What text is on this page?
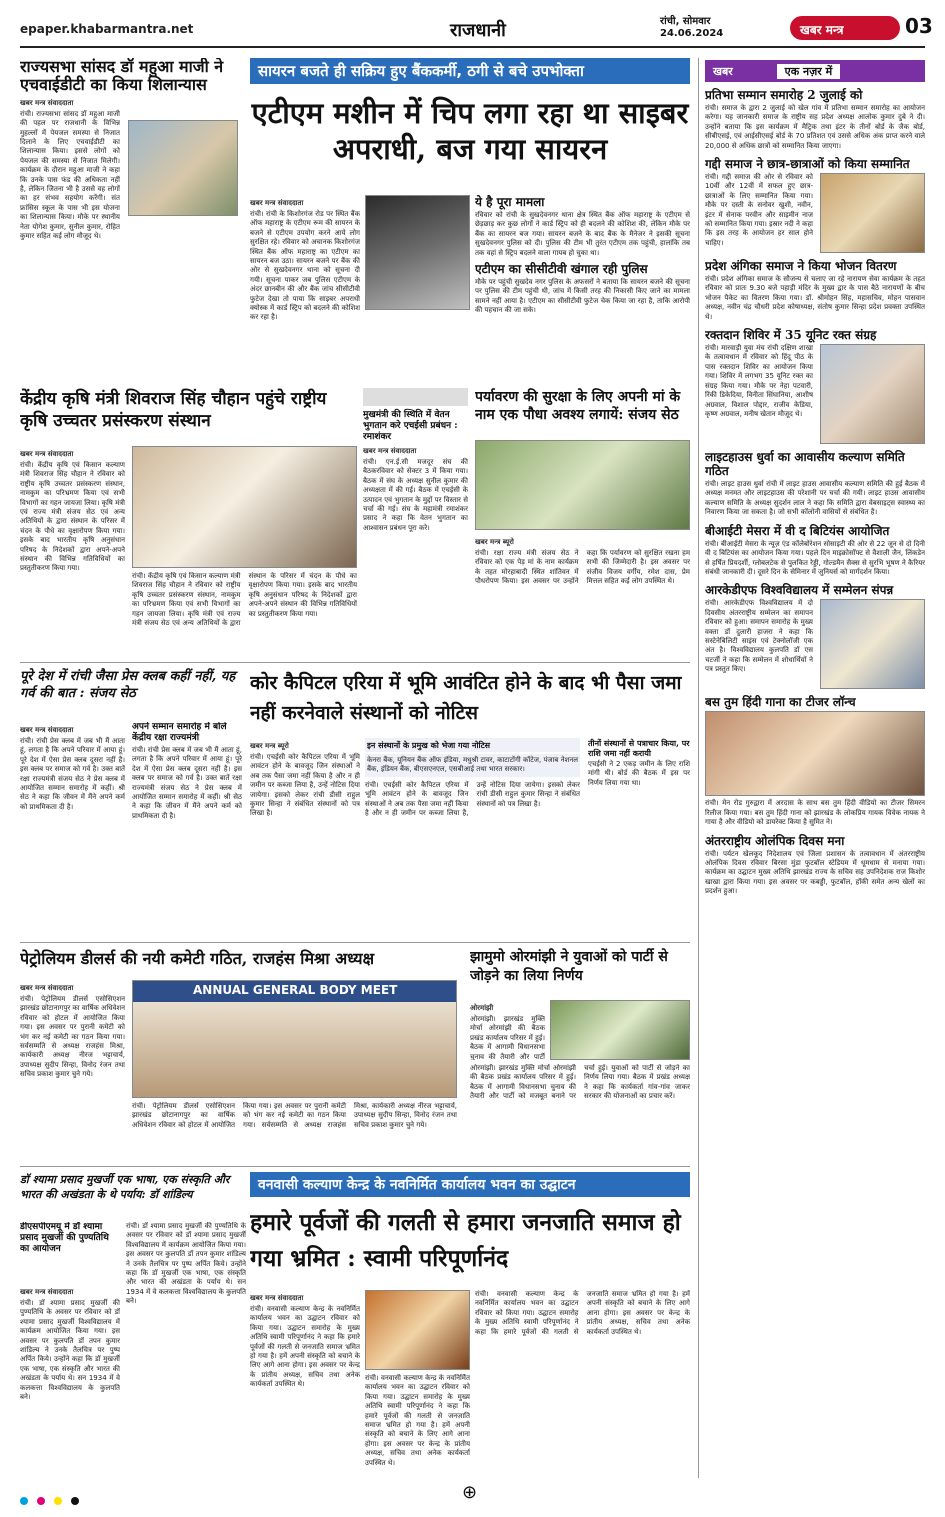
epaper.khabarmantra.net	राजधानी	रांची, सोमवार
24.06.2024	खबर मन्त्र	03
राज्यसभा सांसद डॉ महुआ माजी ने एचवाईडीटी का किया शिलान्यास
खबर मन्त्र संवाददाता
रांची। राज्यसभा सांसद डॉ महुआ माजी की पहल पर राजधानी के विभिन्न मुहल्लों में पेयजल समस्या से निजात दिलाने के लिए एचवाईडीटी का शिलान्यास किया। इससे लोगों को पेयजल की समस्या से निजात मिलेगी। कार्यक्रम के दौरान महुआ माजी ने कहा कि उनके पास फंड की अधिकता नहीं है, लेकिन जितना भी है उससे वह लोगों का हर संभव सहयोग करेंगी। संत फ्रांसिस स्कूल के पास भी इस योजना का शिलान्यास किया। मौके पर स्थानीय नेता योगेश कुमार, सुनील कुमार, रोहित कुमार सहित कई लोग मौजूद थे।
सायरन बजते ही सक्रिय हुए बैंककर्मी, ठगी से बचे उपभोक्ता
एटीएम मशीन में चिप लगा रहा था साइबर अपराधी, बज गया सायरन
खबर मन्त्र संवाददाता
रांची। रांची के किशोरगंज रोड पर स्थित बैंक ऑफ महाराष्ट्र के एटीएम रूम की सायरन के बजने से एटीएम उपयोग करने आये लोग सुरक्षित रहे। रविवार को अचानक किशोरगंज स्थित बैंक ऑफ महाराष्ट्र का एटीएम का सायरन बज उठा। सायरन बजने पर बैंक की ओर से सुखदेवनगर थाना को सूचना दी गयी। सूचना पाकर जब पुलिस एटीएम के अंदर छानबीन की और बैंक जांच सीसीटीवी फुटेज देखा तो पाया कि साइबर अपराधी क्योस्क में कार्ड स्ट्रिप को बदलने की कोशिश कर रहा है।
ये है पूरा मामला
रविवार को रांची के सुखदेवनगर थाना क्षेत्र स्थित बैंक ऑफ महाराष्ट्र के एटीएम से छेड़छाड़ कर कुछ लोगों ने कार्ड स्ट्रिप को ही बदलने की कोशिश की, लेकिन मौके पर बैंक का सायरन बज गया। सायरन बजने के बाद बैंक के मैनेजर ने इसकी सूचना सुखदेवनगर पुलिस को दी। पुलिस की टीम भी तुरंत एटीएम तक पहुंची, हालांकि तब तक वहां से स्ट्रिप बदलने वाला गायब हो चुका था।
एटीएम का सीसीटीवी खंगाल रही पुलिस
मौके पर पहुंची सुखदेव नगर पुलिस के अफसरों ने बताया कि सायरन बजने की सूचना पर पुलिस की टीम पहुंची थी, जांच में किसी तरह की निकासी किए जाने का मामला सामने नहीं आया है। एटीएम का सीसीटीवी फुटेज चेक किया जा रहा है, ताकि आरोपी की पहचान की जा सके।
खबर	एक नज़र में
प्रतिभा सम्मान समारोह 2 जुलाई को
रांची। समाज के द्वारा 2 जुलाई को खेल गांव में प्रतिभा सम्मान समारोह का आयोजन करेगा। यह जानकारी समाज के राष्ट्रीय सह प्रदेश अध्यक्ष आलोक कुमार दुबे ने दी। उन्होंने बताया कि इस कार्यक्रम में मैट्रिक तथा इंटर के तीनों बोर्ड के जैक बोर्ड, सीबीएसई, एवं आईसीएसई बोर्ड के 70 प्रतिशत एवं उससे अधिक अंक प्राप्त करने वाले 20,000 से अधिक छात्रों को सम्मानित किया जाएगा।
गद्दी समाज ने छात्र-छात्राओं को किया सम्मानित
रांची। गद्दी समाज की ओर से रविवार को 10वीं और 12वीं में सफल हुए छात्र-छात्राओं के लिए सम्मानित किया गया। मौके पर दस्ती के सनोवर खुशी, नवीन, इंटर में सेनाक परवीन और साइमीन नाज को सम्मानित किया गया। इस्रार नदी ने कहा कि इस तरह के आयोजन हर साल होने चाहिए।
प्रदेश अंगिका समाज ने किया भोजन वितरण
रांची। प्रदेश अंगिका समाज के सौजन्य से चलाए जा रहे नारायण सेवा कार्यक्रम के तहत रविवार को प्रातः 9.30 बजे पहाड़ी मंदिर के मुख्य द्वार के पास बैठे नारायणों के बीच भोजन पैकेट का वितरण किया गया। डॉ. श्रीमोहन सिंह, महासचिव, मोहन पासवान अध्यक्ष, नवीन चंद्र चौधरी प्रदेश कोषाध्यक्ष, संतोष कुमार सिन्हा प्रदेश प्रवक्ता उपस्थित थे।
रक्तदान शिविर में 35 यूनिट रक्त संग्रह
रांची। मारवाड़ी युवा मंच रांची दक्षिण शाखा के तत्वावधान में रविवार को हिंदू पीठ के पास रक्तदान शिविर का आयोजन किया गया। शिविर में लगभग 35 यूनिट रक्त का संग्रह किया गया। मौके पर नेहा पटवारी, रिंकी डिकेदिया, विनीता सिंघानिया, आशीष अग्रवाल, विशाल पोद्दार, राजीव केडिया, कृष्ण अग्रवाल, मनीष खेतान मौजूद थे।
लाइटहाउस धुर्वा का आवासीय कल्याण समिति गठित
रांची। लाइट हाउस धुर्वा रांची में लाइट हाउस आवासीय कल्याण समिति की हुई बैठक में अध्यक्ष मनमत और लाइटहाउस की परेशानी पर चर्चा की गयी। लाइट हाउस आवासीय कल्याण समिति के अध्यक्ष सुदर्शन लाल ने कहा कि समिति द्वारा वेबसाइट्स स्वास्थ्य का निवारण किया जा सकता है। जो सभी कॉलोनी वासियों से संबंधित है।
बीआईटी मेसरा में वी द बिटियंस आयोजित
रांची। बीआईटी मेसरा के न्यूज़ एंड कॉलेबोरेशन सोसाइटी की ओर से 22 जून से दो दिनी वी द बिटियंस का आयोजन किया गया। पहले दिन माइक्रोसॉफ्ट से वैशाली जैन, लिंकडेन से हर्षित प्रियदर्शी, ग्लोबलटेक से पुलकित रेड्डी, गोल्डमैन सैक्स से सुरभि भूषण ने कैरियर संबंधी जानकारी दी। दूसरे दिन के सेमिनार में जुनियर्स को मार्गदर्शन किया।
आरकेडीएफ विश्वविद्यालय में सम्मेलन संपन्न
रांची। आरकेडीएफ विश्वविद्यालय में दो दिवसीय अंतरराष्ट्रीय सम्मेलन का समापन रविवार को हुआ। समापन समारोह के मुख्य वक्ता डॉ दुलारी हाजरा ने कहा कि सस्टेनेबिलिटी साइंस एवं टेक्नोलॉजी एक अंत है। विश्वविद्यालय कुलपति डॉ एस चटर्जी ने कहा कि सम्मेलन में शोधार्थियों ने पत्र प्रस्तुत किए।
बस तुम हिंदी गाना का टीजर लॉन्च
रांची। मेन रोड गुरुद्वारा में अरदास के साथ बस तुम हिंदी वीडियो का टीजर सिमरन रिलीज किया गया। बस तुम हिंदी गाना को झारखंड के लोकप्रिय गायक विवेक नायक ने गाया है और वीडियो को डायरेक्ट किया है सुमित ने।
अंतरराष्ट्रीय ओलंपिक दिवस मना
रांची। पर्यटन खेलकूद निदेशालय एवं जिला प्रशासन के तत्वावधान में अंतरराष्ट्रीय ओलंपिक दिवस रविवार बिरसा मुंडा फुटबॉल स्टेडियम में धूमधाम से मनाया गया। कार्यक्रम का उद्घाटन मुख्य अतिथि झारखंड राज्य के सचिव सह उपनिदेशक राज किशोर खाखा द्वारा किया गया। इस अवसर पर कबड्डी, फुटबॉल, हॉकी समेत अन्य खेलों का प्रदर्शन हुआ।
केंद्रीय कृषि मंत्री शिवराज सिंह चौहान पहुंचे राष्ट्रीय कृषि उच्चतर प्रसंस्करण संस्थान
खबर मन्त्र संवाददाता
रांची। केंद्रीय कृषि एवं किसान कल्याण मंत्री शिवराज सिंह चौहान ने रविवार को राष्ट्रीय कृषि उच्चतर प्रसंस्करण संस्थान, नामकुम का परिभ्रमण किया एवं सभी विभागों का गहन जायजा लिया। कृषि मंत्री एवं राज्य मंत्री संजय सेठ एवं अन्य अतिथियों के द्वारा संस्थान के परिसर में चंदन के पौधे का वृक्षारोपण किया गया। इसके बाद भारतीय कृषि अनुसंधान परिषद के निदेशकों द्वारा अपने-अपने संस्थान की विभिन्न गतिविधियों का प्रस्तुतीकरण किया गया।
रांची। केंद्रीय कृषि एवं किसान कल्याण मंत्री शिवराज सिंह चौहान ने रविवार को राष्ट्रीय कृषि उच्चतर प्रसंस्करण संस्थान, नामकुम का परिभ्रमण किया एवं सभी विभागों का गहन जायजा लिया। कृषि मंत्री एवं राज्य मंत्री संजय सेठ एवं अन्य अतिथियों के द्वारा संस्थान के परिसर में चंदन के पौधे का वृक्षारोपण किया गया। इसके बाद भारतीय कृषि अनुसंधान परिषद के निदेशकों द्वारा अपने-अपने संस्थान की विभिन्न गतिविधियों का प्रस्तुतीकरण किया गया।
मुखमंत्री की स्थिति में वेतन भुगतान करे एचईसी प्रबंधन : रमाशंकर
खबर मन्त्र संवाददाता
रांची। एन.ई.सी मजदूर संघ की बैठकरविवार को सेक्टर 3 में किया गया। बैठक में संघ के अध्यक्ष सुनील कुमार की अध्यक्षता में की गई। बैठक में एचईसी के उत्पादन एवं भुगतान के मुद्दों पर विस्तार से चर्चा की गई। संघ के महामंत्री रमाशंकर प्रसाद ने कहा कि वेतन भुगतान का आश्वासन प्रबंधन पूरा करे।
पर्यावरण की सुरक्षा के लिए अपनी मां के नाम एक पौधा अवश्य लगायें: संजय सेठ
खबर मन्त्र ब्यूरो
रांची। रक्षा राज्य मंत्री संजय सेठ ने रविवार को एक पेड़ मां के नाम कार्यक्रम के तहत मोरहाबादी स्थित शांतिवन में पौधरोपण किया। इस अवसर पर उन्होंने कहा कि पर्यावरण को सुरक्षित रखना हम सभी की जिम्मेदारी है। इस अवसर पर संजीव विजय वर्गीय, रमेश दास, प्रेम मित्तल सहित कई लोग उपस्थित थे।
पूरे देश में रांची जैसा प्रेस क्लब कहीं नहीं, यह गर्व की बात : संजय सेठ
खबर मन्त्र संवाददाता
रांची। रांची प्रेस क्लब में जब भी मैं आता हूं, लगता है कि अपने परिवार में आया हूं। पूरे देश में ऐसा प्रेस क्लब दूसरा नहीं है। इस क्लब पर समाज को गर्व है। उक्त बातें रक्षा राज्यमंत्री संजय सेठ ने प्रेस क्लब में आयोजित सम्मान समारोह में कहीं। श्री सेठ ने कहा कि जीवन में मैंने अपने कर्म को प्राथमिकता दी है।
अपने सम्मान समारोह में बोले केंद्रीय रक्षा राज्यमंत्री
रांची। रांची प्रेस क्लब में जब भी मैं आता हूं, लगता है कि अपने परिवार में आया हूं। पूरे देश में ऐसा प्रेस क्लब दूसरा नहीं है। इस क्लब पर समाज को गर्व है। उक्त बातें रक्षा राज्यमंत्री संजय सेठ ने प्रेस क्लब में आयोजित सम्मान समारोह में कहीं। श्री सेठ ने कहा कि जीवन में मैंने अपने कर्म को प्राथमिकता दी है।
कोर कैपिटल एरिया में भूमि आवंटित होने के बाद भी पैसा जमा नहीं करनेवाले संस्थानों को नोटिस
खबर मन्त्र ब्यूरो
रांची। एचईसी कोर कैपिटल एरिया में भूमि आवंटन होने के बावजूद जिन संस्थाओं ने अब तक पैसा जमा नहीं किया है और न ही जमीन पर कब्जा लिया है, उन्हें नोटिस दिया जायेगा। इसको लेकर रांची डीसी राहुल कुमार सिन्हा ने संबंधित संस्थानों को पत्र लिखा है।
इन संस्थानों के प्रमुख को भेजा गया नोटिस
केनरा बैंक, यूनियन बैंक ऑफ इंडिया, मधुश्री टावर, काटाटोंगी कॉटेज, पंजाब नेशनल बैंक, इंडियन बैंक, बीएसएनएल, एसबीआई तथा भारत सरकार।
रांची। एचईसी कोर कैपिटल एरिया में भूमि आवंटन होने के बावजूद जिन संस्थाओं ने अब तक पैसा जमा नहीं किया है और न ही जमीन पर कब्जा लिया है, उन्हें नोटिस दिया जायेगा। इसको लेकर रांची डीसी राहुल कुमार सिन्हा ने संबंधित संस्थानों को पत्र लिखा है।
तीनों संस्थानों से पत्राचार किया, पर राशि जमा नहीं करायी
एचईसी ने 2 एकड़ जमीन के लिए राशि मांगी थी। बोर्ड की बैठक में इस पर निर्णय लिया गया था।
पेट्रोलियम डीलर्स की नयी कमेटी गठित, राजहंस मिश्रा अध्यक्ष
खबर मन्त्र संवाददाता
रांची। पेट्रोलियम डीलर्स एसोसिएशन झारखंड छोटानागपुर का वार्षिक अधिवेशन रविवार को होटल में आयोजित किया गया। इस अवसर पर पुरानी कमेटी को भंग कर नई कमेटी का गठन किया गया। सर्वसम्मति से अध्यक्ष राजहंस मिश्रा, कार्यकारी अध्यक्ष नीरज भट्टाचार्य, उपाध्यक्ष सुदीप सिन्हा, विनोद रंजन तथा सचिव प्रकाश कुमार चुने गये।
ANNUAL GENERAL BODY MEET
रांची। पेट्रोलियम डीलर्स एसोसिएशन झारखंड छोटानागपुर का वार्षिक अधिवेशन रविवार को होटल में आयोजित किया गया। इस अवसर पर पुरानी कमेटी को भंग कर नई कमेटी का गठन किया गया। सर्वसम्मति से अध्यक्ष राजहंस मिश्रा, कार्यकारी अध्यक्ष नीरज भट्टाचार्य, उपाध्यक्ष सुदीप सिन्हा, विनोद रंजन तथा सचिव प्रकाश कुमार चुने गये।
झामुमो ओरमांझी ने युवाओं को पार्टी से जोड़ने का लिया निर्णय
ओरमांझी
ओरमांझी। झारखंड मुक्ति मोर्चा ओरमांझी की बैठक प्रखंड कार्यालय परिसर में हुई। बैठक में आगामी विधानसभा चुनाव की तैयारी और पार्टी
ओरमांझी। झारखंड मुक्ति मोर्चा ओरमांझी की बैठक प्रखंड कार्यालय परिसर में हुई। बैठक में आगामी विधानसभा चुनाव की तैयारी और पार्टी को मजबूत बनाने पर चर्चा हुई। युवाओं को पार्टी से जोड़ने का निर्णय लिया गया। बैठक में प्रखंड अध्यक्ष ने कहा कि कार्यकर्ता गांव-गांव जाकर सरकार की योजनाओं का प्रचार करें।
डॉ श्यामा प्रसाद मुखर्जी एक भाषा, एक संस्कृति और भारत की अखंडता के थे पर्याय: डॉ शांडिल्य
डीएसपीएमयू में डॉ श्यामा प्रसाद मुखर्जी की पुण्यतिथि का आयोजन
खबर मन्त्र संवाददाता
रांची। डॉ श्यामा प्रसाद मुखर्जी की पुण्यतिथि के अवसर पर रविवार को डॉ श्यामा प्रसाद मुखर्जी विश्वविद्यालय में कार्यक्रम आयोजित किया गया। इस अवसर पर कुलपति डॉ तपन कुमार शांडिल्य ने उनके तैलचित्र पर पुष्प अर्पित किये। उन्होंने कहा कि डॉ मुखर्जी एक भाषा, एक संस्कृति और भारत की अखंडता के पर्याय थे। सन 1934 में वे कलकत्ता विश्वविद्यालय के कुलपति बने।
रांची। डॉ श्यामा प्रसाद मुखर्जी की पुण्यतिथि के अवसर पर रविवार को डॉ श्यामा प्रसाद मुखर्जी विश्वविद्यालय में कार्यक्रम आयोजित किया गया। इस अवसर पर कुलपति डॉ तपन कुमार शांडिल्य ने उनके तैलचित्र पर पुष्प अर्पित किये। उन्होंने कहा कि डॉ मुखर्जी एक भाषा, एक संस्कृति और भारत की अखंडता के पर्याय थे। सन 1934 में वे कलकत्ता विश्वविद्यालय के कुलपति बने।
वनवासी कल्याण केन्द्र के नवनिर्मित कार्यालय भवन का उद्घाटन
हमारे पूर्वजों की गलती से हमारा जनजाति समाज हो गया भ्रमित : स्वामी परिपूर्णानंद
खबर मन्त्र संवाददाता
रांची। वनवासी कल्याण केन्द्र के नवनिर्मित कार्यालय भवन का उद्घाटन रविवार को किया गया। उद्घाटन समारोह के मुख्य अतिथि स्वामी परिपूर्णानंद ने कहा कि हमारे पूर्वजों की गलती से जनजाति समाज भ्रमित हो गया है। हमें अपनी संस्कृति को बचाने के लिए आगे आना होगा। इस अवसर पर केन्द्र के प्रांतीय अध्यक्ष, सचिव तथा अनेक कार्यकर्ता उपस्थित थे।
रांची। वनवासी कल्याण केन्द्र के नवनिर्मित कार्यालय भवन का उद्घाटन रविवार को किया गया। उद्घाटन समारोह के मुख्य अतिथि स्वामी परिपूर्णानंद ने कहा कि हमारे पूर्वजों की गलती से जनजाति समाज भ्रमित हो गया है। हमें अपनी संस्कृति को बचाने के लिए आगे आना होगा। इस अवसर पर केन्द्र के प्रांतीय अध्यक्ष, सचिव तथा अनेक कार्यकर्ता उपस्थित थे।
रांची। वनवासी कल्याण केन्द्र के नवनिर्मित कार्यालय भवन का उद्घाटन रविवार को किया गया। उद्घाटन समारोह के मुख्य अतिथि स्वामी परिपूर्णानंद ने कहा कि हमारे पूर्वजों की गलती से जनजाति समाज भ्रमित हो गया है। हमें अपनी संस्कृति को बचाने के लिए आगे आना होगा। इस अवसर पर केन्द्र के प्रांतीय अध्यक्ष, सचिव तथा अनेक कार्यकर्ता उपस्थित थे।

⊕
